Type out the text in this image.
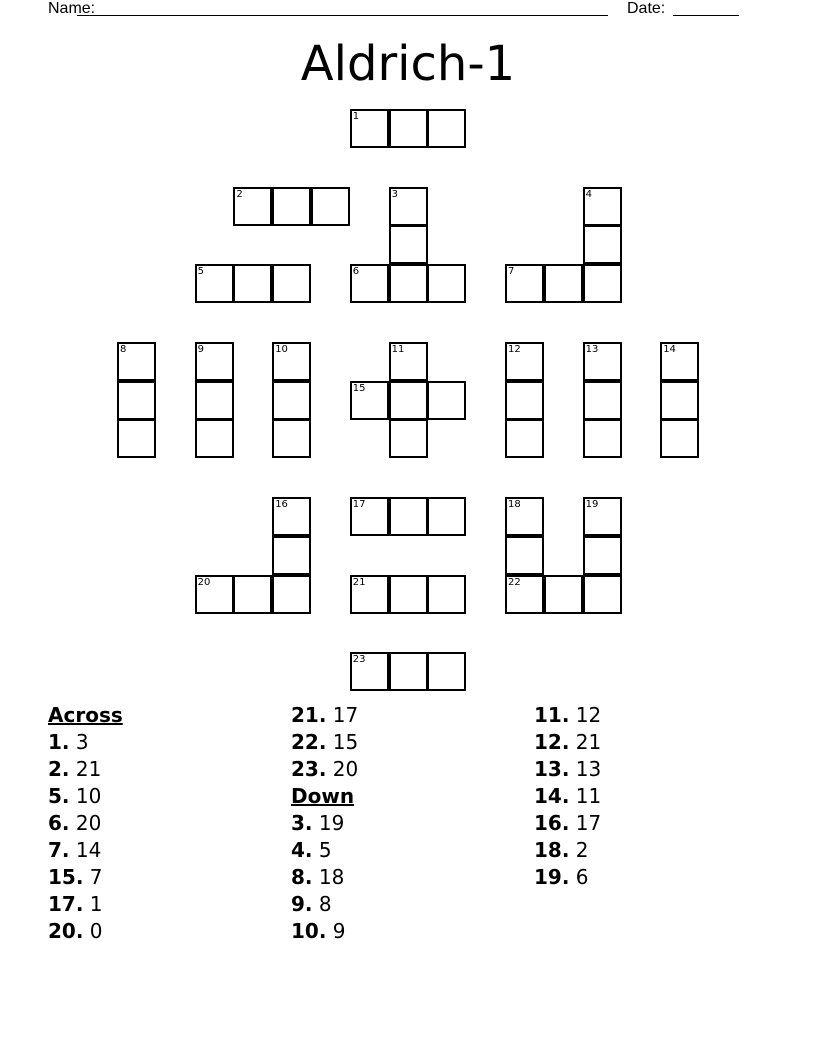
Name:	Date:
Aldrich-1
1
2	3	4
5	6	7
8	9	10	11	12	13	14
15
16	17	18	19
20	21	22
23
Across
1. 3
2. 21
5. 10
6. 20
7. 14
15. 7
17. 1
20. 0
21. 17
22. 15
23. 20
Down
3. 19
4. 5
8. 18
9. 8
10. 9
11. 12
12. 21
13. 13
14. 11
16. 17
18. 2
19. 6
